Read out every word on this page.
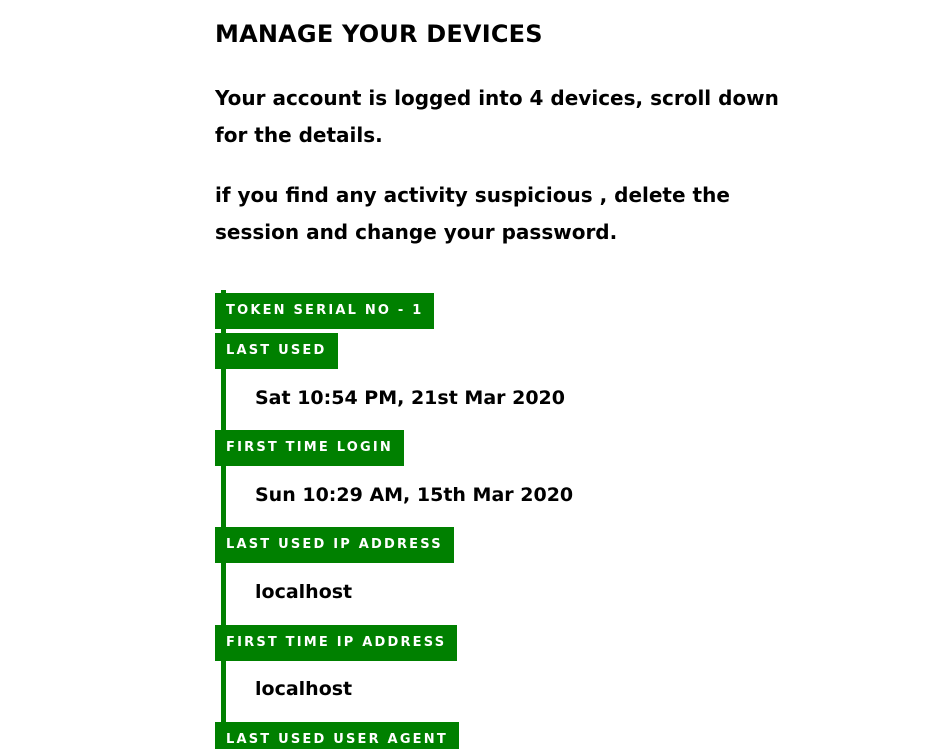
MANAGE YOUR DEVICES

Your account is logged into 4 devices, scroll down for the details.

if you find any activity suspicious , delete the session and change your password.

TOKEN SERIAL NO - 1
LAST USED
Sat 10:54 PM, 21st Mar 2020
FIRST TIME LOGIN
Sun 10:29 AM, 15th Mar 2020
LAST USED IP ADDRESS
localhost
FIRST TIME IP ADDRESS
localhost
LAST USED USER AGENT
